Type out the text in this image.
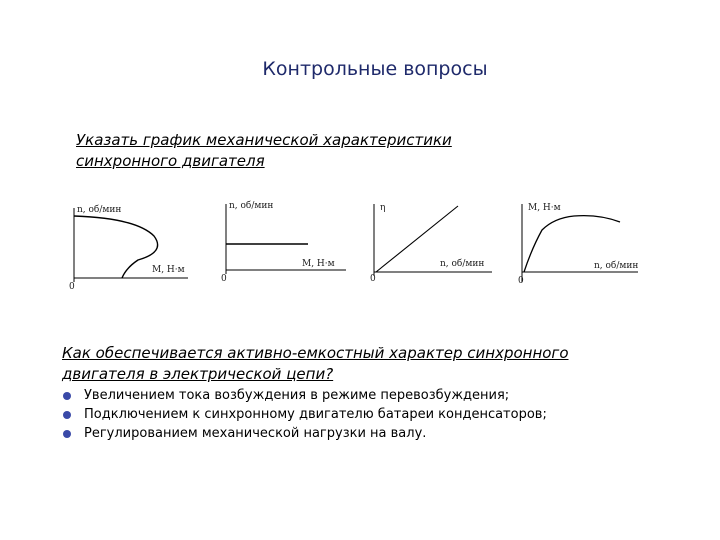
Контрольные вопросы
Указать график механической характеристики
синхронного двигателя
n, об/мин
M, Н·м
0
n, об/мин
M, Н·м
0
η
n, об/мин
0
M, Н·м
n, об/мин
0
Как обеспечивается активно-емкостный характер синхронного
двигателя в электрической цепи?
Увеличением тока возбуждения в режиме перевозбуждения;
Подключением к синхронному двигателю батареи конденсаторов;
Регулированием механической нагрузки на валу.
